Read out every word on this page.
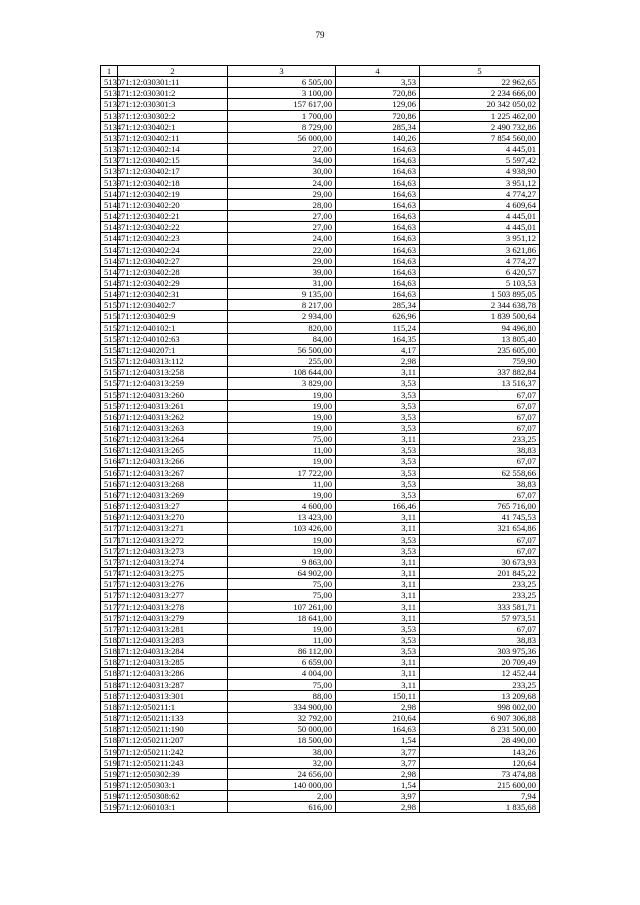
79
1	2	3	4	5
5130	71:12:030301:11	6 505,00	3,53	22 962,65
5131	71:12:030301:2	3 100,00	720,86	2 234 666,00
5132	71:12:030301:3	157 617,00	129,06	20 342 050,02
5133	71:12:030302:2	1 700,00	720,86	1 225 462,00
5134	71:12:030402:1	8 729,00	285,34	2 490 732,86
5135	71:12:030402:11	56 000,00	140,26	7 854 560,00
5136	71:12:030402:14	27,00	164,63	4 445,01
5137	71:12:030402:15	34,00	164,63	5 597,42
5138	71:12:030402:17	30,00	164,63	4 938,90
5139	71:12:030402:18	24,00	164,63	3 951,12
5140	71:12:030402:19	29,00	164,63	4 774,27
5141	71:12:030402:20	28,00	164,63	4 609,64
5142	71:12:030402:21	27,00	164,63	4 445,01
5143	71:12:030402:22	27,00	164,63	4 445,01
5144	71:12:030402:23	24,00	164,63	3 951,12
5145	71:12:030402:24	22,00	164,63	3 621,86
5146	71:12:030402:27	29,00	164,63	4 774,27
5147	71:12:030402:28	39,00	164,63	6 420,57
5148	71:12:030402:29	31,00	164,63	5 103,53
5149	71:12:030402:31	9 135,00	164,63	1 503 895,05
5150	71:12:030402:7	8 217,00	285,34	2 344 638,78
5151	71:12:030402:9	2 934,00	626,96	1 839 500,64
5152	71:12:040102:1	820,00	115,24	94 496,80
5153	71:12:040102:63	84,00	164,35	13 805,40
5154	71:12:040207:1	56 500,00	4,17	235 605,00
5155	71:12:040313:112	255,00	2,98	759,90
5156	71:12:040313:258	108 644,00	3,11	337 882,84
5157	71:12:040313:259	3 829,00	3,53	13 516,37
5158	71:12:040313:260	19,00	3,53	67,07
5159	71:12:040313:261	19,00	3,53	67,07
5160	71:12:040313:262	19,00	3,53	67,07
5161	71:12:040313:263	19,00	3,53	67,07
5162	71:12:040313:264	75,00	3,11	233,25
5163	71:12:040313:265	11,00	3,53	38,83
5164	71:12:040313:266	19,00	3,53	67,07
5165	71:12:040313:267	17 722,00	3,53	62 558,66
5166	71:12:040313:268	11,00	3,53	38,83
5167	71:12:040313:269	19,00	3,53	67,07
5168	71:12:040313:27	4 600,00	166,46	765 716,00
5169	71:12:040313:270	13 423,00	3,11	41 745,53
5170	71:12:040313:271	103 426,00	3,11	321 654,86
5171	71:12:040313:272	19,00	3,53	67,07
5172	71:12:040313:273	19,00	3,53	67,07
5173	71:12:040313:274	9 863,00	3,11	30 673,93
5174	71:12:040313:275	64 902,00	3,11	201 845,22
5175	71:12:040313:276	75,00	3,11	233,25
5176	71:12:040313:277	75,00	3,11	233,25
5177	71:12:040313:278	107 261,00	3,11	333 581,71
5178	71:12:040313:279	18 641,00	3,11	57 973,51
5179	71:12:040313:281	19,00	3,53	67,07
5180	71:12:040313:283	11,00	3,53	38,83
5181	71:12:040313:284	86 112,00	3,53	303 975,36
5182	71:12:040313:285	6 659,00	3,11	20 709,49
5183	71:12:040313:286	4 004,00	3,11	12 452,44
5184	71:12:040313:287	75,00	3,11	233,25
5185	71:12:040313:301	88,00	150,11	13 209,68
5186	71:12:050211:1	334 900,00	2,98	998 002,00
5187	71:12:050211:133	32 792,00	210,64	6 907 306,88
5188	71:12:050211:190	50 000,00	164,63	8 231 500,00
5189	71:12:050211:207	18 500,00	1,54	28 490,00
5190	71:12:050211:242	38,00	3,77	143,26
5191	71:12:050211:243	32,00	3,77	120,64
5192	71:12:050302:39	24 656,00	2,98	73 474,88
5193	71:12:050303:1	140 000,00	1,54	215 600,00
5194	71:12:050308:62	2,00	3,97	7,94
5195	71:12:060103:1	616,00	2,98	1 835,68
